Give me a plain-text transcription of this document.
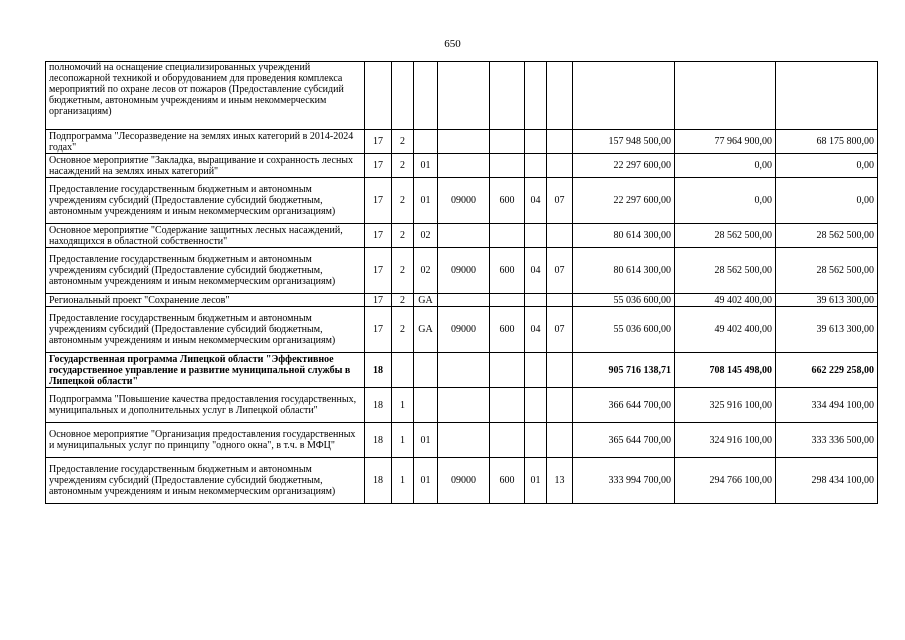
650
полномочий на оснащение специализированных учреждений лесопожарной техникой и оборудованием для проведения комплекса мероприятий по охране лесов от пожаров (Предоставление субсидий бюджетным, автономным учреждениям и иным некоммерческим организациям)										
Подпрограмма "Лесоразведение на землях иных категорий в 2014-2024 годах"	17	2						157 948 500,00	77 964 900,00	68 175 800,00
Основное мероприятие "Закладка, выращивание и сохранность лесных насаждений на землях иных категорий"	17	2	01					22 297 600,00	0,00	0,00
Предоставление государственным бюджетным и автономным учреждениям субсидий (Предоставление субсидий бюджетным, автономным учреждениям и иным некоммерческим организациям)	17	2	01	09000	600	04	07	22 297 600,00	0,00	0,00
Основное мероприятие "Содержание защитных лесных насаждений, находящихся в областной собственности"	17	2	02					80 614 300,00	28 562 500,00	28 562 500,00
Предоставление государственным бюджетным и автономным учреждениям субсидий (Предоставление субсидий бюджетным, автономным учреждениям и иным некоммерческим организациям)	17	2	02	09000	600	04	07	80 614 300,00	28 562 500,00	28 562 500,00
Региональный проект "Сохранение лесов"	17	2	GA					55 036 600,00	49 402 400,00	39 613 300,00
Предоставление государственным бюджетным и автономным учреждениям субсидий (Предоставление субсидий бюджетным, автономным учреждениям и иным некоммерческим организациям)	17	2	GA	09000	600	04	07	55 036 600,00	49 402 400,00	39 613 300,00
Государственная программа Липецкой области "Эффективное государственное управление и развитие муниципальной службы в Липецкой области"	18							905 716 138,71	708 145 498,00	662 229 258,00
Подпрограмма "Повышение качества предоставления государственных, муниципальных и дополнительных услуг в Липецкой области"	18	1						366 644 700,00	325 916 100,00	334 494 100,00
Основное мероприятие "Организация предоставления государственных и муниципальных услуг по принципу "одного окна", в т.ч. в МФЦ"	18	1	01					365 644 700,00	324 916 100,00	333 336 500,00
Предоставление государственным бюджетным и автономным учреждениям субсидий (Предоставление субсидий бюджетным, автономным учреждениям и иным некоммерческим организациям)	18	1	01	09000	600	01	13	333 994 700,00	294 766 100,00	298 434 100,00
